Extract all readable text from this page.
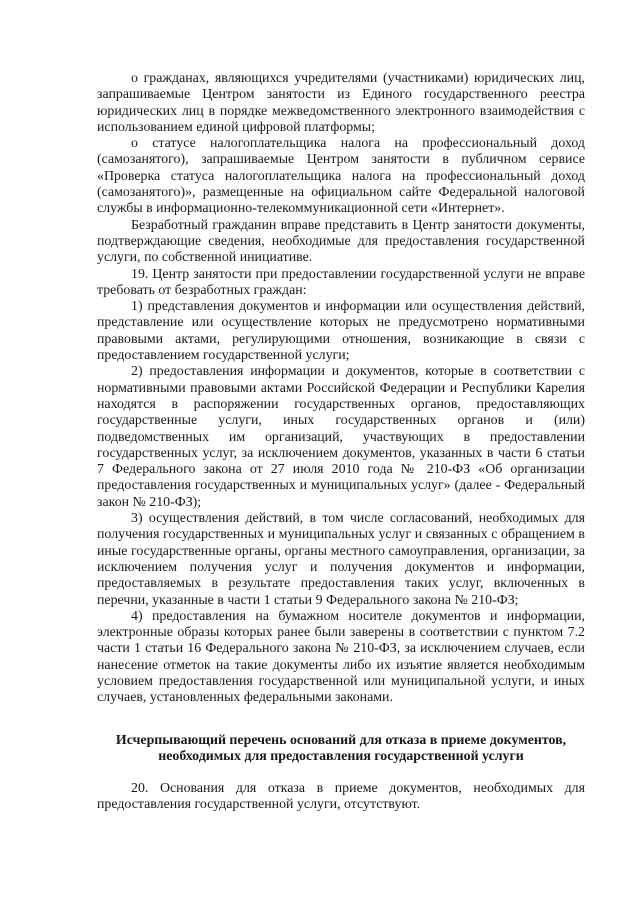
о гражданах, являющихся учредителями (участниками) юридических лиц, запрашиваемые Центром занятости из Единого государственного реестра юридических лиц в порядке межведомственного электронного взаимодействия с использованием единой цифровой платформы;

о статусе налогоплательщика налога на профессиональный доход (самозанятого), запрашиваемые Центром занятости в публичном сервисе «Проверка статуса налогоплательщика налога на профессиональный доход (самозанятого)», размещенные на официальном сайте Федеральной налоговой службы в информационно-телекоммуникационной сети «Интернет».

Безработный гражданин вправе представить в Центр занятости документы, подтверждающие сведения, необходимые для предоставления государственной услуги, по собственной инициативе.

19. Центр занятости при предоставлении государственной услуги не вправе требовать от безработных граждан:

1) представления документов и информации или осуществления действий, представление или осуществление которых не предусмотрено нормативными правовыми актами, регулирующими отношения, возникающие в связи с предоставлением государственной услуги;

2) предоставления информации и документов, которые в соответствии с нормативными правовыми актами Российской Федерации и Республики Карелия находятся в распоряжении государственных органов, предоставляющих государственные услуги, иных государственных органов и (или) подведомственных им организаций, участвующих в предоставлении государственных услуг, за исключением документов, указанных в части 6 статьи 7 Федерального закона от 27 июля 2010 года № 210-ФЗ «Об организации предоставления государственных и муниципальных услуг» (далее - Федеральный закон № 210-ФЗ);

3) осуществления действий, в том числе согласований, необходимых для получения государственных и муниципальных услуг и связанных с обращением в иные государственные органы, органы местного самоуправления, организации, за исключением получения услуг и получения документов и информации, предоставляемых в результате предоставления таких услуг, включенных в перечни, указанные в части 1 статьи 9 Федерального закона № 210-ФЗ;

4) предоставления на бумажном носителе документов и информации, электронные образы которых ранее были заверены в соответствии с пунктом 7.2 части 1 статьи 16 Федерального закона № 210-ФЗ, за исключением случаев, если нанесение отметок на такие документы либо их изъятие является необходимым условием предоставления государственной или муниципальной услуги, и иных случаев, установленных федеральными законами.

Исчерпывающий перечень оснований для отказа в приеме документов, необходимых для предоставления государственной услуги

20. Основания для отказа в приеме документов, необходимых для предоставления государственной услуги, отсутствуют.
